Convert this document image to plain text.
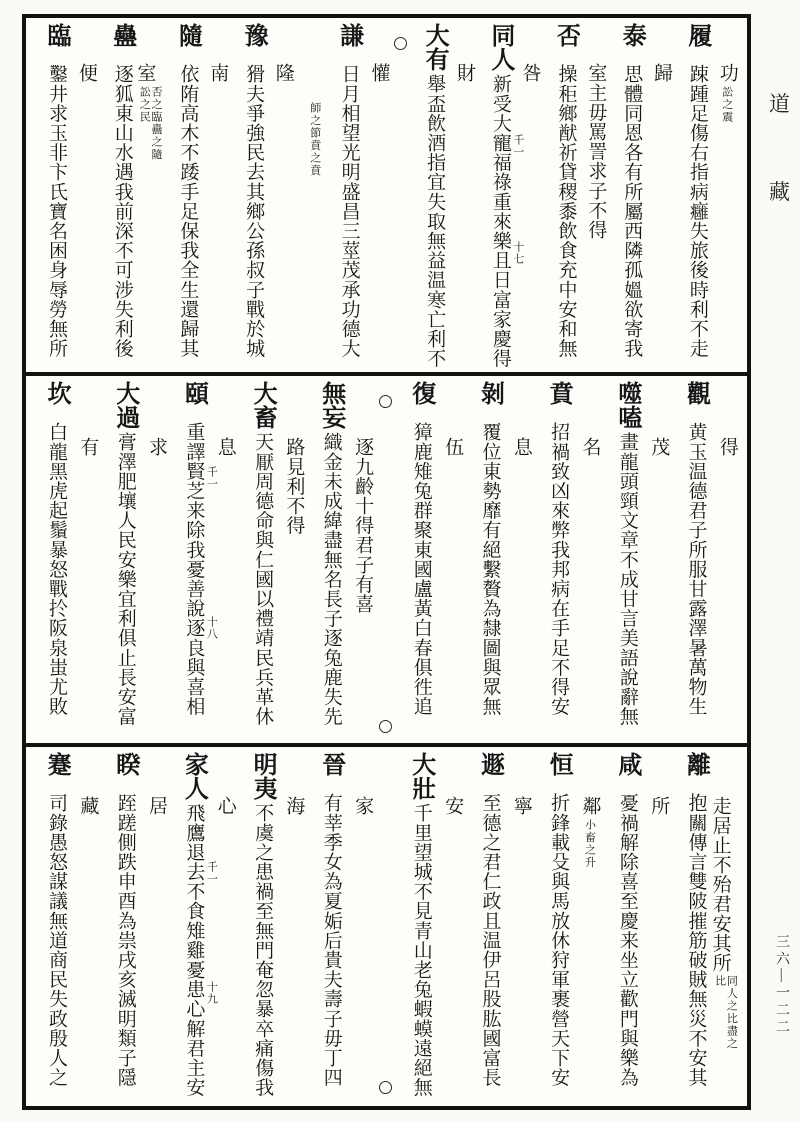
功
訟之震
履踈踵足傷右指病癰失旅後時利不走
歸
泰思體同恩各有所屬西隣孤媼欲寄我
室主毋罵詈求子不得
否操秬鄉猷祈貸稷黍飲食充中安和無
咎
同人新受大寵福祿重來樂且日富家慶得 千一
十七
財
大有舉盃飲酒指宜失取無益温寒亡利不
懽
謙日月相望光明盛昌三莖茂承功德大
師之節賁之賁
隆
豫猾夫爭強民去其鄉公孫叔子戰於城
南
隨依陏高木不踒手足保我全生還歸其
室
否之臨蠱之隨
訟之民
蠱逐狐東山水遇我前深不可涉失利後
便
臨鑿井求玉非卞氏寶名困身辱勞無所
得
觀黄玉温德君子所服甘露澤暑萬物生
茂
噬嗑畫龍頭頸文章不成甘言美語說辭無
名
賁招禍致凶來弊我邦病在手足不得安
息
剝覆位東勢靡有絕繫贅為隸圖與眾無
伍
復獐鹿雉兔群聚東國盧黃白春俱徃追
逐九齡十得君子有喜
無妄織金未成緯盡無名長子逐兔鹿失先
路見利不得
大畜天厭周德命與仁國以禮靖民兵革休
息
頤重譯賢芝来除我憂善說逐良與喜相 千一
十八
求
大過膏澤肥壤人民安樂宜利俱止長安富
有
坎白龍黑虎起鬚暴怒戰扵阪泉蚩尤敗
走居止不殆君安其所
同人之比盡之
比
離抱關傳言雙陂摧筋破賊無災不安其
所
咸憂禍解除喜至慶来坐立歡門與樂為
鄰
小畜之升
恒折鋒載殳與馬放休狩軍裹營天下安
寧
遯至德之君仁政且温伊呂股肱國富長
安
大壯千里望城不見青山老兔蝦蟆遠絕無
家
晉有莘季女為夏姤后貴夫壽子毋丁四
海
明夷不虞之患禍至無門奄忽暴卒痛傷我
心
家人飛鷹退去不食雉雞憂患心解君主安 千一
十九
居
睽跮蹉側跌申酉為祟戌亥滅明類子隱
藏
蹇司錄愚怒謀議無道商民失政殷人之
道
藏
三六—一二二
